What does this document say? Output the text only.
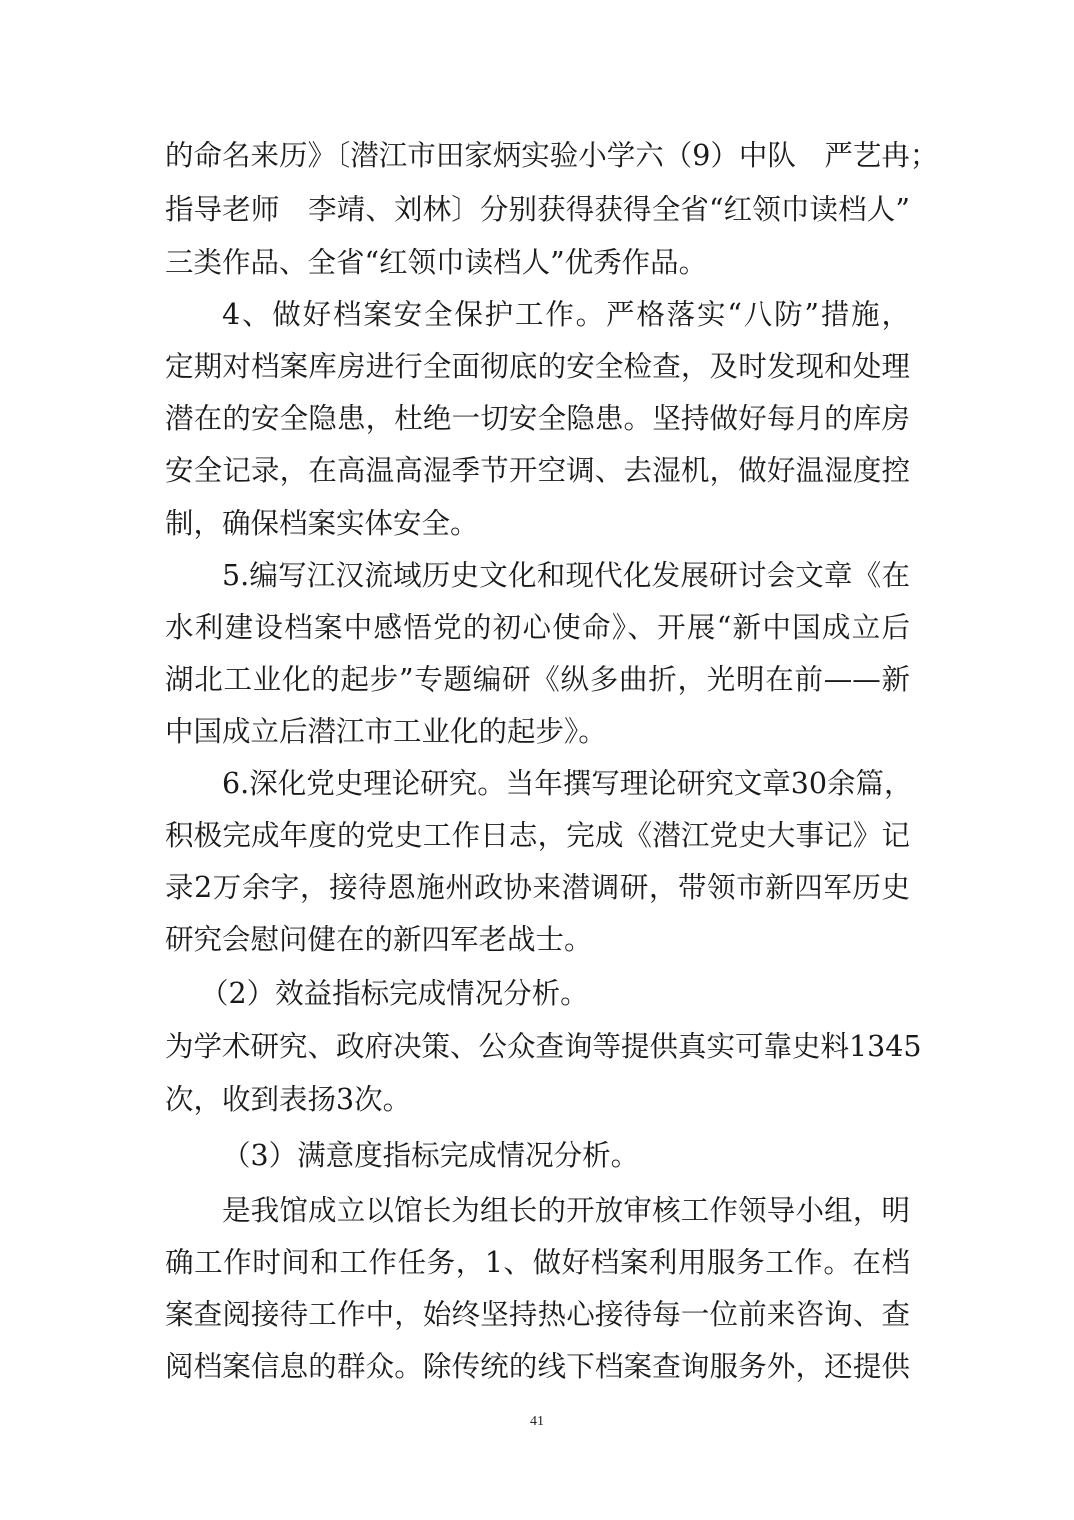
的命名来历》〔潜江市田家炳实验小学六（9）中队　严艺冉；
指导老师　李靖、刘林〕分别获得获得全省“红领巾读档人”
三类作品、全省“红领巾读档人”优秀作品。
4、做好档案安全保护工作。严格落实“八防”措施，
定期对档案库房进行全面彻底的安全检查，及时发现和处理
潜在的安全隐患，杜绝一切安全隐患。坚持做好每月的库房
安全记录，在高温高湿季节开空调、去湿机，做好温湿度控
制，确保档案实体安全。
5.编写江汉流域历史文化和现代化发展研讨会文章《在
水利建设档案中感悟党的初心使命》、开展“新中国成立后
湖北工业化的起步”专题编研《纵多曲折，光明在前——新
中国成立后潜江市工业化的起步》。
6.深化党史理论研究。当年撰写理论研究文章30余篇，
积极完成年度的党史工作日志，完成《潜江党史大事记》记
录2万余字，接待恩施州政协来潜调研，带领市新四军历史
研究会慰问健在的新四军老战士。
（2）效益指标完成情况分析。
为学术研究、政府决策、公众查询等提供真实可靠史料1345
次，收到表扬3次。
（3）满意度指标完成情况分析。
是我馆成立以馆长为组长的开放审核工作领导小组，明
确工作时间和工作任务，1、做好档案利用服务工作。在档
案查阅接待工作中，始终坚持热心接待每一位前来咨询、查
阅档案信息的群众。除传统的线下档案查询服务外，还提供
41
